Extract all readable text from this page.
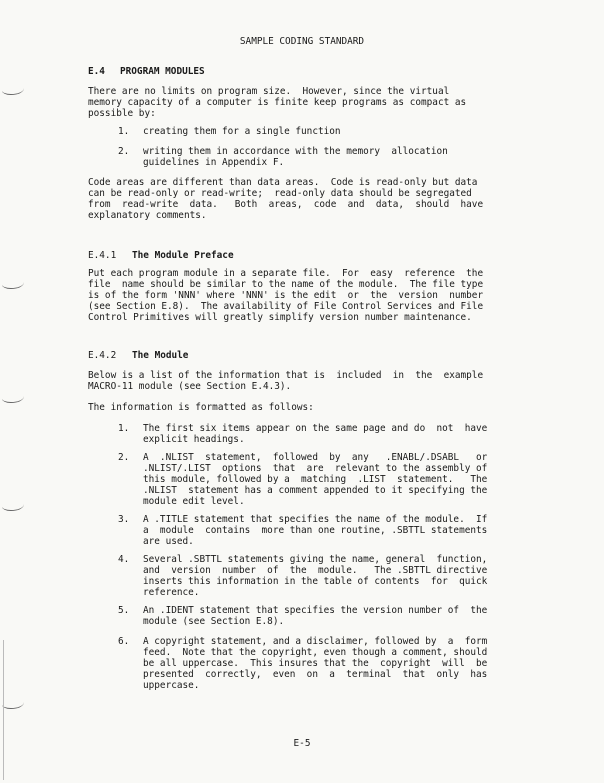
SAMPLE CODING STANDARD
E.4 PROGRAM MODULES
There are no limits on program size.  However, since the virtual
memory capacity of a computer is finite keep programs as compact as
possible by:
1. creating them for a single function
2. writing them in accordance with the memory  allocation
guidelines in Appendix F.
Code areas are different than data areas.  Code is read-only but data
can be read-only or read-write;  read-only data should be segregated
from  read-write  data.   Both  areas,  code  and  data,  should  have
explanatory comments.
E.4.1 The Module Preface
Put each program module in a separate file.  For  easy  reference  the
file  name should be similar to the name of the module.  The file type
is of the form 'NNN' where 'NNN' is the edit  or  the  version  number
(see Section E.8).  The availability of File Control Services and File
Control Primitives will greatly simplify version number maintenance.
E.4.2 The Module
Below is a list of the information that is  included  in  the  example
MACRO-11 module (see Section E.4.3).
The information is formatted as follows:
1. The first six items appear on the same page and do  not  have
explicit headings.
2. A  .NLIST  statement,  followed  by  any   .ENABL/.DSABL   or
.NLIST/.LIST  options  that  are  relevant to the assembly of
this module, followed by a  matching  .LIST  statement.   The
.NLIST  statement has a comment appended to it specifying the
module edit level.
3. A .TITLE statement that specifies the name of the module.  If
a  module  contains  more than one routine, .SBTTL statements
are used.
4. Several .SBTTL statements giving the name, general  function,
and  version  number  of  the  module.   The .SBTTL directive
inserts this information in the table of contents  for  quick
reference.
5. An .IDENT statement that specifies the version number of  the
module (see Section E.8).
6. A copyright statement, and a disclaimer, followed by  a  form
feed.  Note that the copyright, even though a comment, should
be all uppercase.  This insures that the  copyright  will  be
presented  correctly,  even  on  a  terminal  that  only  has
uppercase.
E-5
